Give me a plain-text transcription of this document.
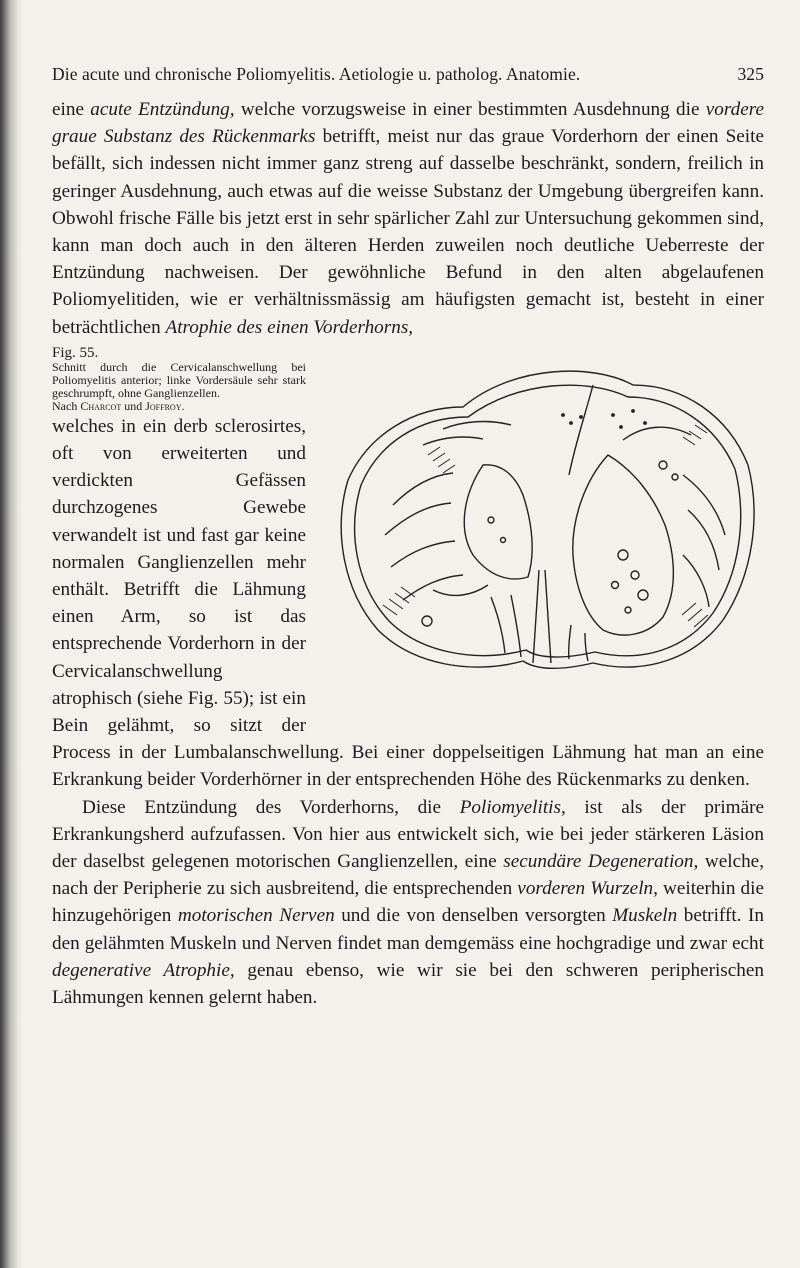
Die acute und chronische Poliomyelitis. Aetiologie u. patholog. Anatomie.	325

eine acute Entzündung, welche vorzugsweise in einer bestimmten Ausdehnung die vordere graue Substanz des Rückenmarks betrifft, meist nur das graue Vorderhorn der einen Seite befällt, sich indessen nicht immer ganz streng auf dasselbe beschränkt, sondern, freilich in geringer Ausdehnung, auch etwas auf die weisse Substanz der Umgebung übergreifen kann. Obwohl frische Fälle bis jetzt erst in sehr spärlicher Zahl zur Untersuchung gekommen sind, kann man doch auch in den älteren Herden zuweilen noch deutliche Ueberreste der Entzündung nachweisen. Der gewöhnliche Befund in den alten abgelaufenen Poliomyelitiden, wie er verhältnissmässig am häufigsten gemacht ist, besteht in einer beträchtlichen Atrophie des einen Vorderhorns,

Fig. 55.
Schnitt durch die Cervicalanschwellung bei Poliomyelitis anterior; linke Vordersäule sehr stark geschrumpft, ohne Ganglienzellen.
Nach Charcot und Joffroy.
welches in ein derb sclerosirtes, oft von erweiterten und verdickten Gefässen durchzogenes Gewebe verwandelt ist und fast gar keine normalen Ganglienzellen mehr enthält. Betrifft die Lähmung einen Arm, so ist das entsprechende Vorderhorn in der Cervicalanschwellung atrophisch (siehe Fig. 55); ist ein Bein gelähmt, so sitzt der Process in der Lumbalanschwellung. Bei einer doppelseitigen Lähmung hat man an eine Erkrankung beider Vorderhörner in der entsprechenden Höhe des Rückenmarks zu denken.

Diese Entzündung des Vorderhorns, die Poliomyelitis, ist als der primäre Erkrankungsherd aufzufassen. Von hier aus entwickelt sich, wie bei jeder stärkeren Läsion der daselbst gelegenen motorischen Ganglienzellen, eine secundäre Degeneration, welche, nach der Peripherie zu sich ausbreitend, die entsprechenden vorderen Wurzeln, weiterhin die hinzugehörigen motorischen Nerven und die von denselben versorgten Muskeln betrifft. In den gelähmten Muskeln und Nerven findet man demgemäss eine hochgradige und zwar echt degenerative Atrophie, genau ebenso, wie wir sie bei den schweren peripherischen Lähmungen kennen gelernt haben.
